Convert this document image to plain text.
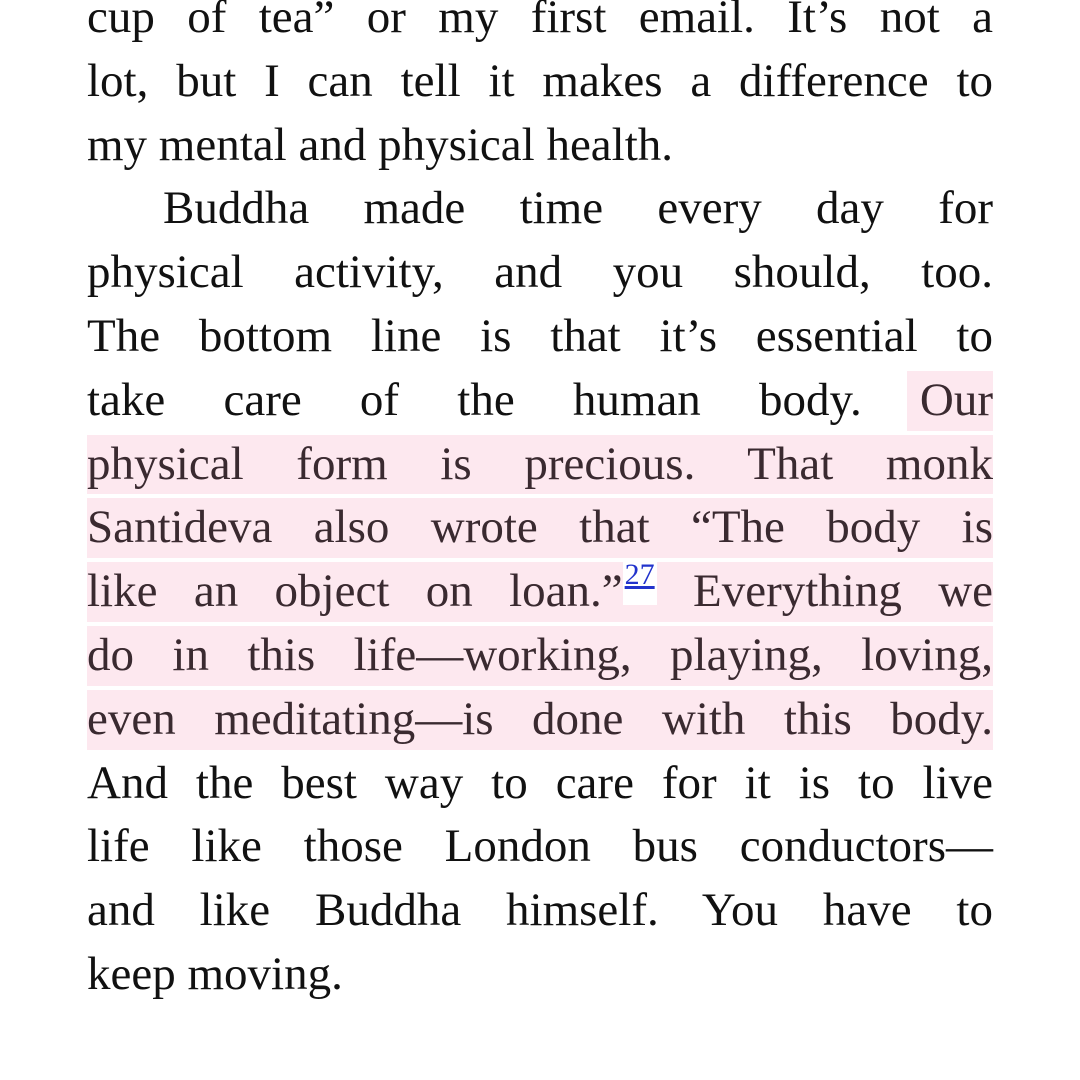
cup of tea” or my first email. It’s not a
lot, but I can tell it makes a difference to
my mental and physical health.
Buddha made time every day for
physical activity, and you should, too.
The bottom line is that it’s essential to
take care of the human body. Our
physical form is precious. That monk
Santideva also wrote that “The body is
like an object on loan.”$^{27}$ Everything we
do in this life—working, playing, loving,
even meditating—is done with this body.
And the best way to care for it is to live
life like those London bus conductors—
and like Buddha himself. You have to
keep moving.
